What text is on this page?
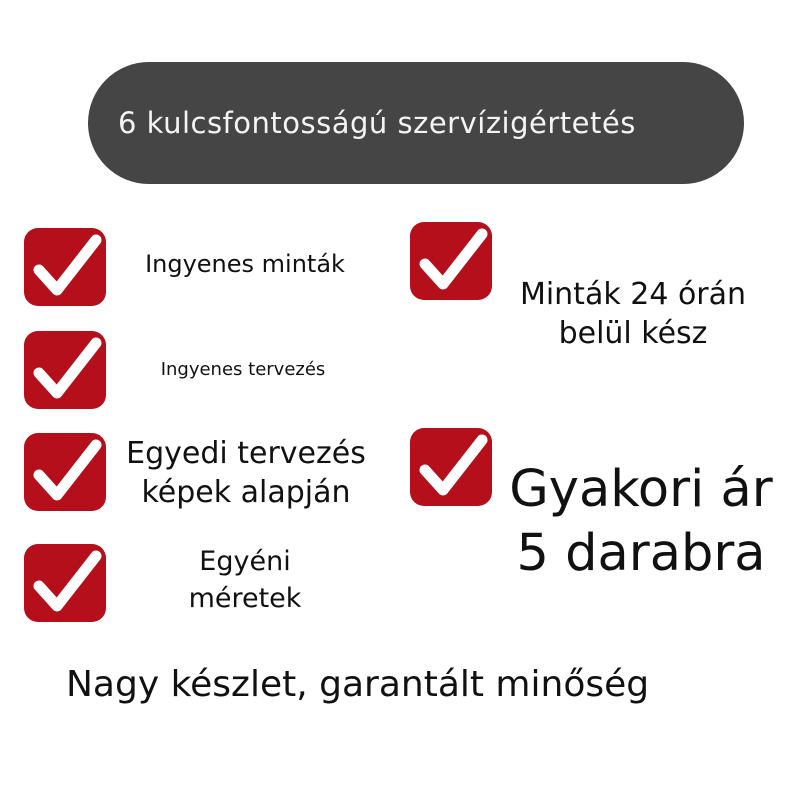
6 kulcsfontosságú szervízigértetés
Ingyenes minták
Ingyenes tervezés
Egyedi tervezés
képek alapján
Egyéni
méretek
Minták 24 órán
belül kész
Gyakori ár
5 darabra
Nagy készlet, garantált minőség
